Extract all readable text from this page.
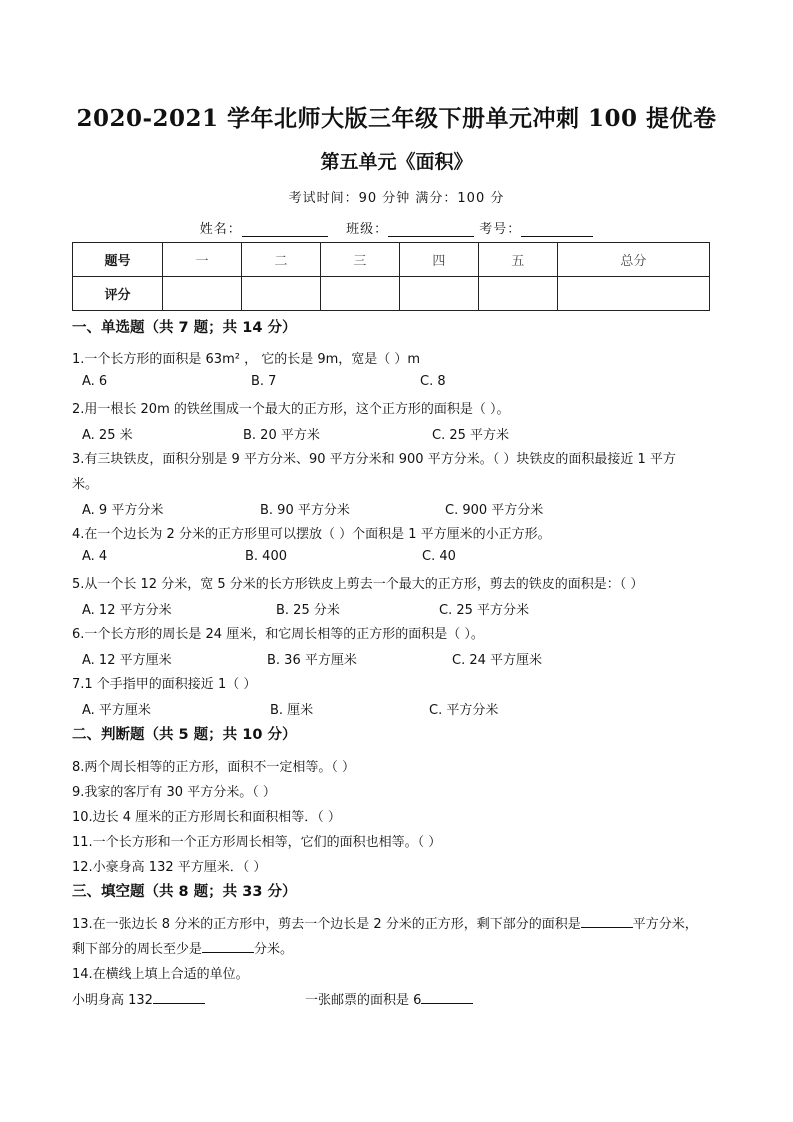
2020-2021 学年北师大版三年级下册单元冲刺 100 提优卷
第五单元《面积》
考试时间：90 分钟 满分：100 分
姓名：	班级：	考号：
题号	一	二	三	四	五	总分
评分						
一、单选题（共 7 题；共 14 分）
1.一个长方形的面积是 63m² ， 它的长是 9m，宽是（ ）m
A. 6	B. 7	C. 8
2.用一根长 20m 的铁丝围成一个最大的正方形，这个正方形的面积是（ ）。
A. 25 米	B. 20 平方米	C. 25 平方米
3.有三块铁皮，面积分别是 9 平方分米、90 平方分米和 900 平方分米。（ ）块铁皮的面积最接近 1 平方
米。
A. 9 平方分米	B. 90 平方分米	C. 900 平方分米
4.在一个边长为 2 分米的正方形里可以摆放（ ）个面积是 1 平方厘米的小正方形。
A. 4	B. 400	C. 40
5.从一个长 12 分米，宽 5 分米的长方形铁皮上剪去一个最大的正方形，剪去的铁皮的面积是：（ ）
A. 12 平方分米	B. 25 分米	C. 25 平方分米
6.一个长方形的周长是 24 厘米，和它周长相等的正方形的面积是（ ）。
A. 12 平方厘米	B. 36 平方厘米	C. 24 平方厘米
7.1 个手指甲的面积接近 1（ ）
A. 平方厘米	B. 厘米	C. 平方分米
二、判断题（共 5 题；共 10 分）
8.两个周长相等的正方形，面积不一定相等。（ ）
9.我家的客厅有 30 平方分米。（ ）
10.边长 4 厘米的正方形周长和面积相等．（ ）
11.一个长方形和一个正方形周长相等，它们的面积也相等。（ ）
12.小豪身高 132 平方厘米．（ ）
三、填空题（共 8 题；共 33 分）
13.在一张边长 8 分米的正方形中，剪去一个边长是 2 分米的正方形，剩下部分的面积是	平方分米，
剩下部分的周长至少是	分米。
14.在横线上填上合适的单位。
小明身高 132	一张邮票的面积是 6
